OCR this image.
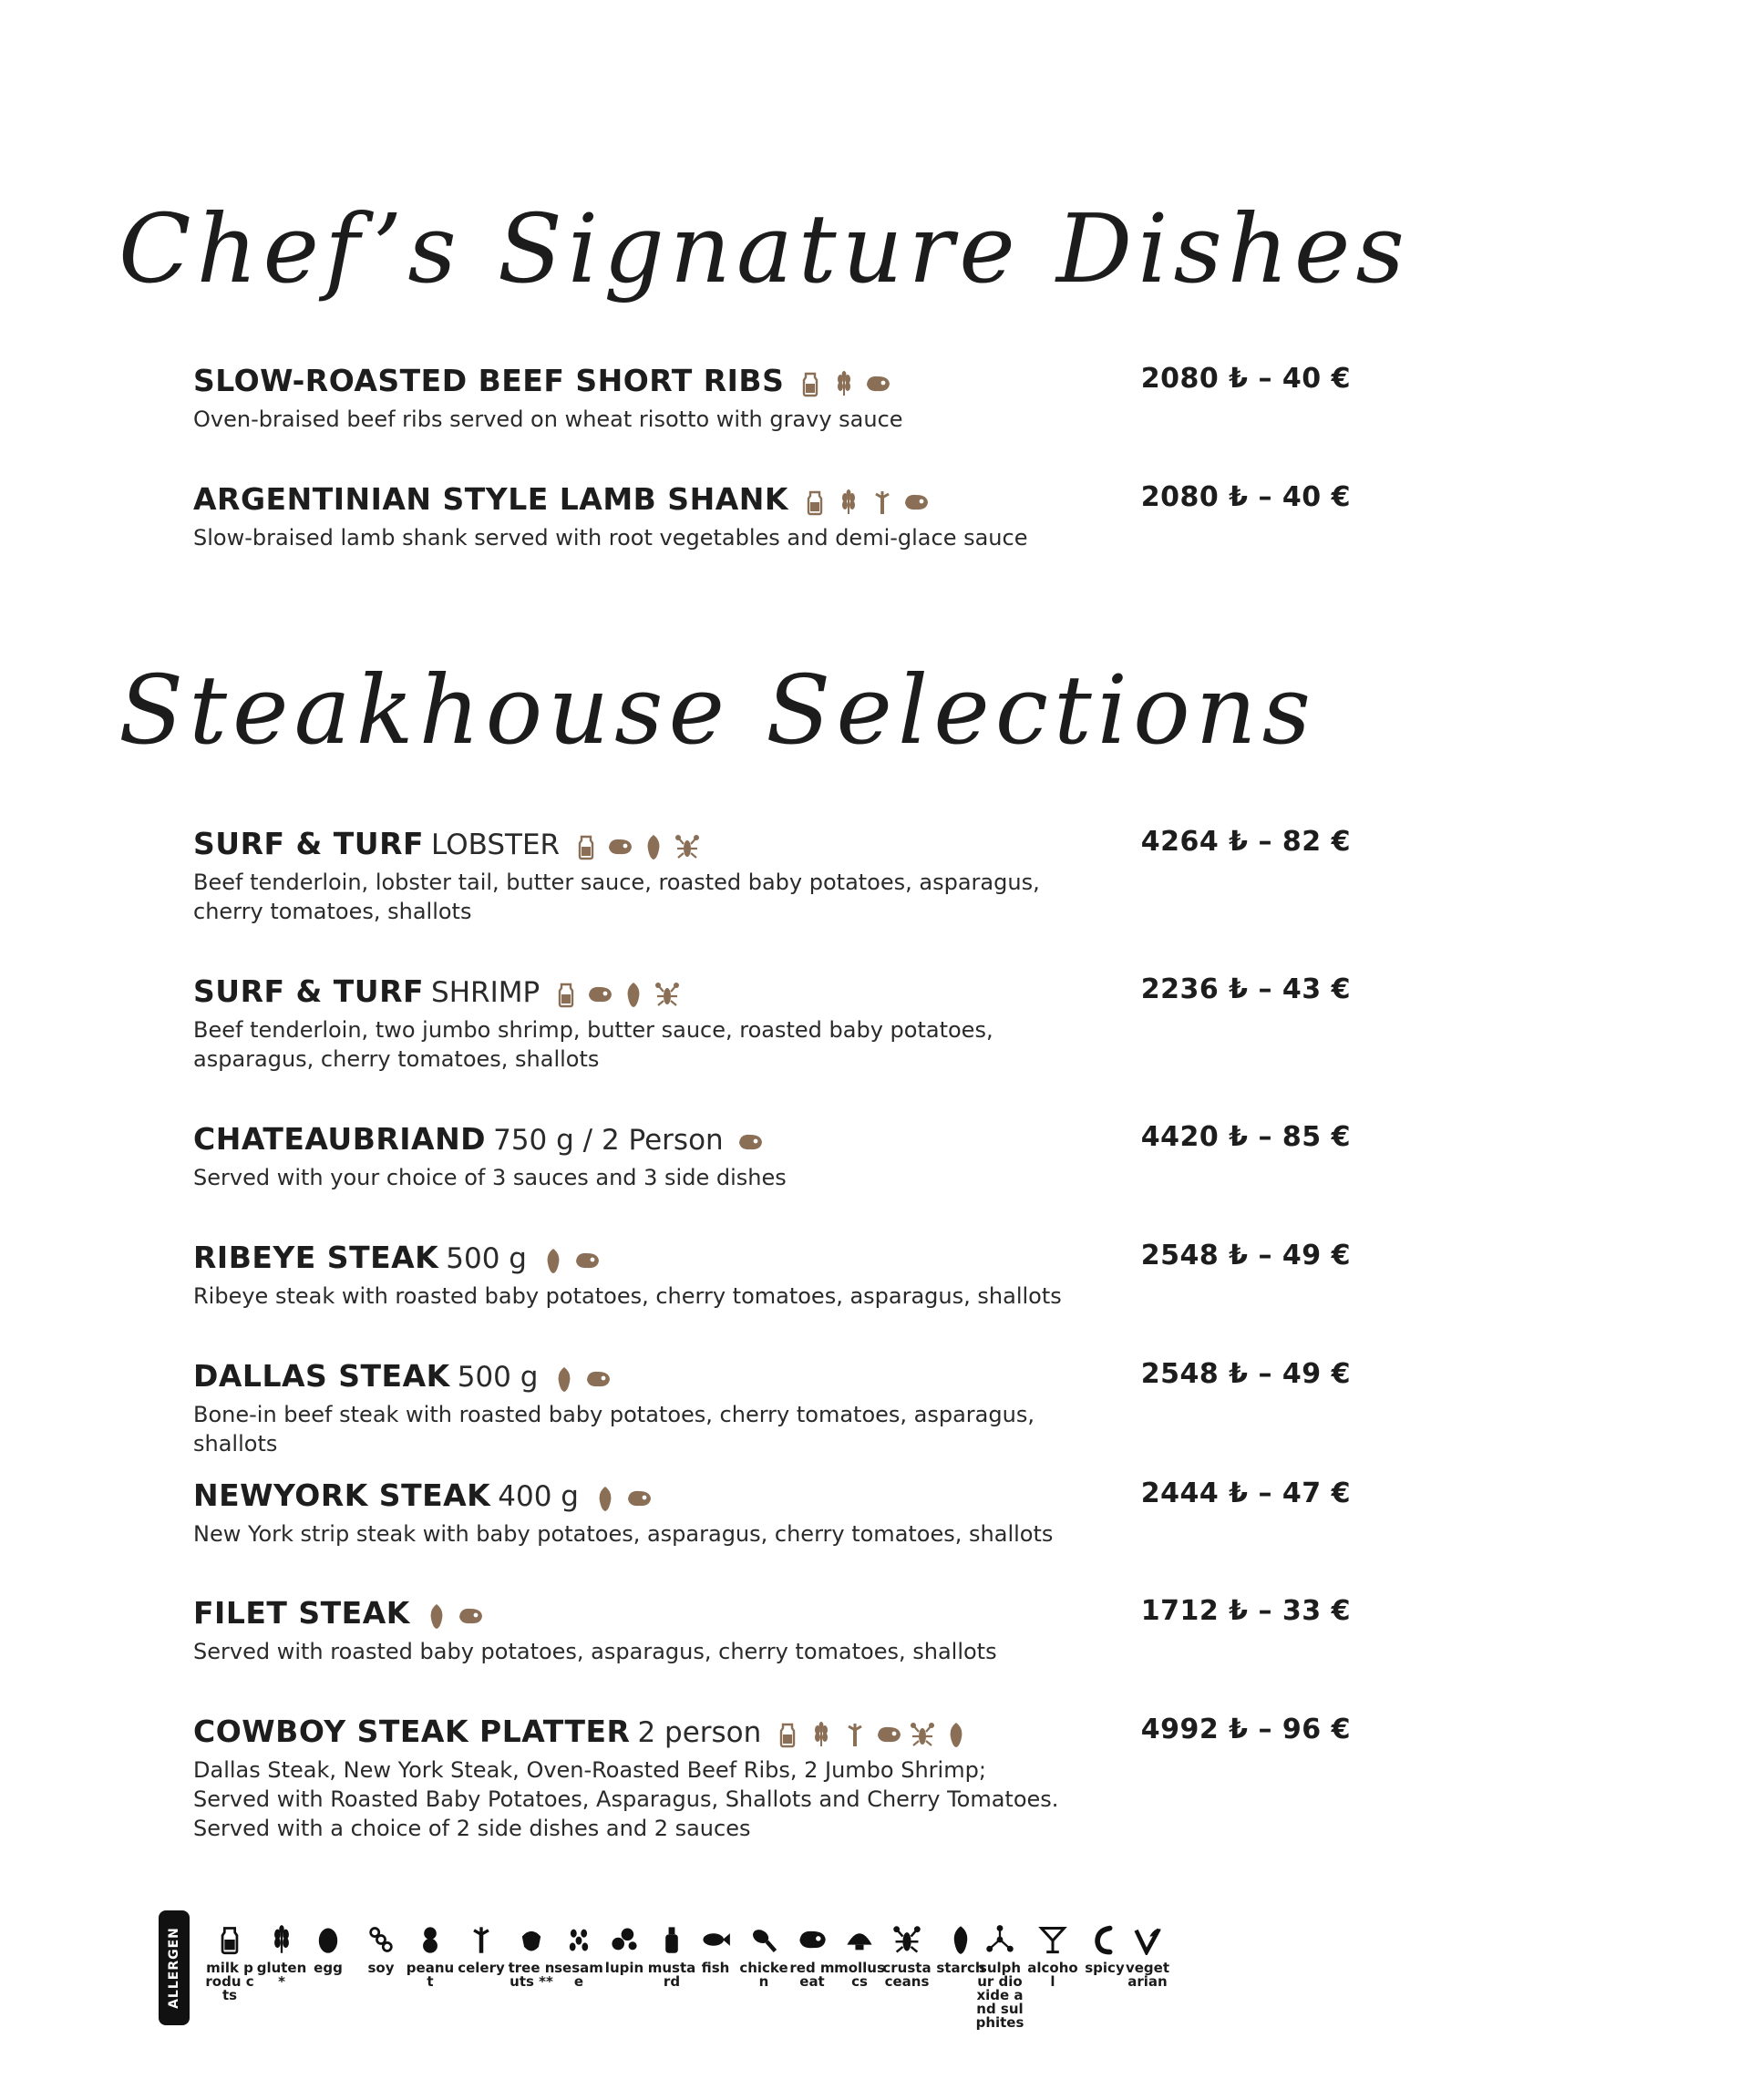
Chef’s Signature Dishes
Steakhouse Selections
SLOW-ROASTED BEEF SHORT RIBS	2080 ₺ – 40 €
Oven-braised beef ribs served on wheat risotto with gravy sauce
ARGENTINIAN STYLE LAMB SHANK	2080 ₺ – 40 €
Slow-braised lamb shank served with root vegetables and demi-glace sauce
SURF & TURF LOBSTER	4264 ₺ – 82 €
Beef tenderloin, lobster tail, butter sauce, roasted baby potatoes, asparagus, cherry tomatoes, shallots
SURF & TURF SHRIMP	2236 ₺ – 43 €
Beef tenderloin, two jumbo shrimp, butter sauce, roasted baby potatoes, asparagus, cherry tomatoes, shallots
CHATEAUBRIAND 750 g / 2 Person	4420 ₺ – 85 €
Served with your choice of 3 sauces and 3 side dishes
RIBEYE STEAK 500 g	2548 ₺ – 49 €
Ribeye steak with roasted baby potatoes, cherry tomatoes, asparagus, shallots
DALLAS STEAK 500 g	2548 ₺ – 49 €
Bone-in beef steak with roasted baby potatoes, cherry tomatoes, asparagus, shallots
NEWYORK STEAK 400 g	2444 ₺ – 47 €
New York strip steak with baby potatoes, asparagus, cherry tomatoes, shallots
FILET STEAK	1712 ₺ – 33 €
Served with roasted baby potatoes, asparagus, cherry tomatoes, shallots
COWBOY STEAK PLATTER 2 person	4992 ₺ – 96 €
Dallas Steak, New York Steak, Oven-Roasted Beef Ribs, 2 Jumbo Shrimp; Served with Roasted Baby Potatoes, Asparagus, Shallots and Cherry Tomatoes. Served with a choice of 2 side dishes and 2 sauces
ALLERGEN milk produ cts
gluten*
egg	soy peanut
celery tree nuts **
sesame
lupin mustard
fish chicken
red meat
molluscs
crusta ceans
starch
sulphur dioxide and sulphites
alcohol
spicy vegetarian
